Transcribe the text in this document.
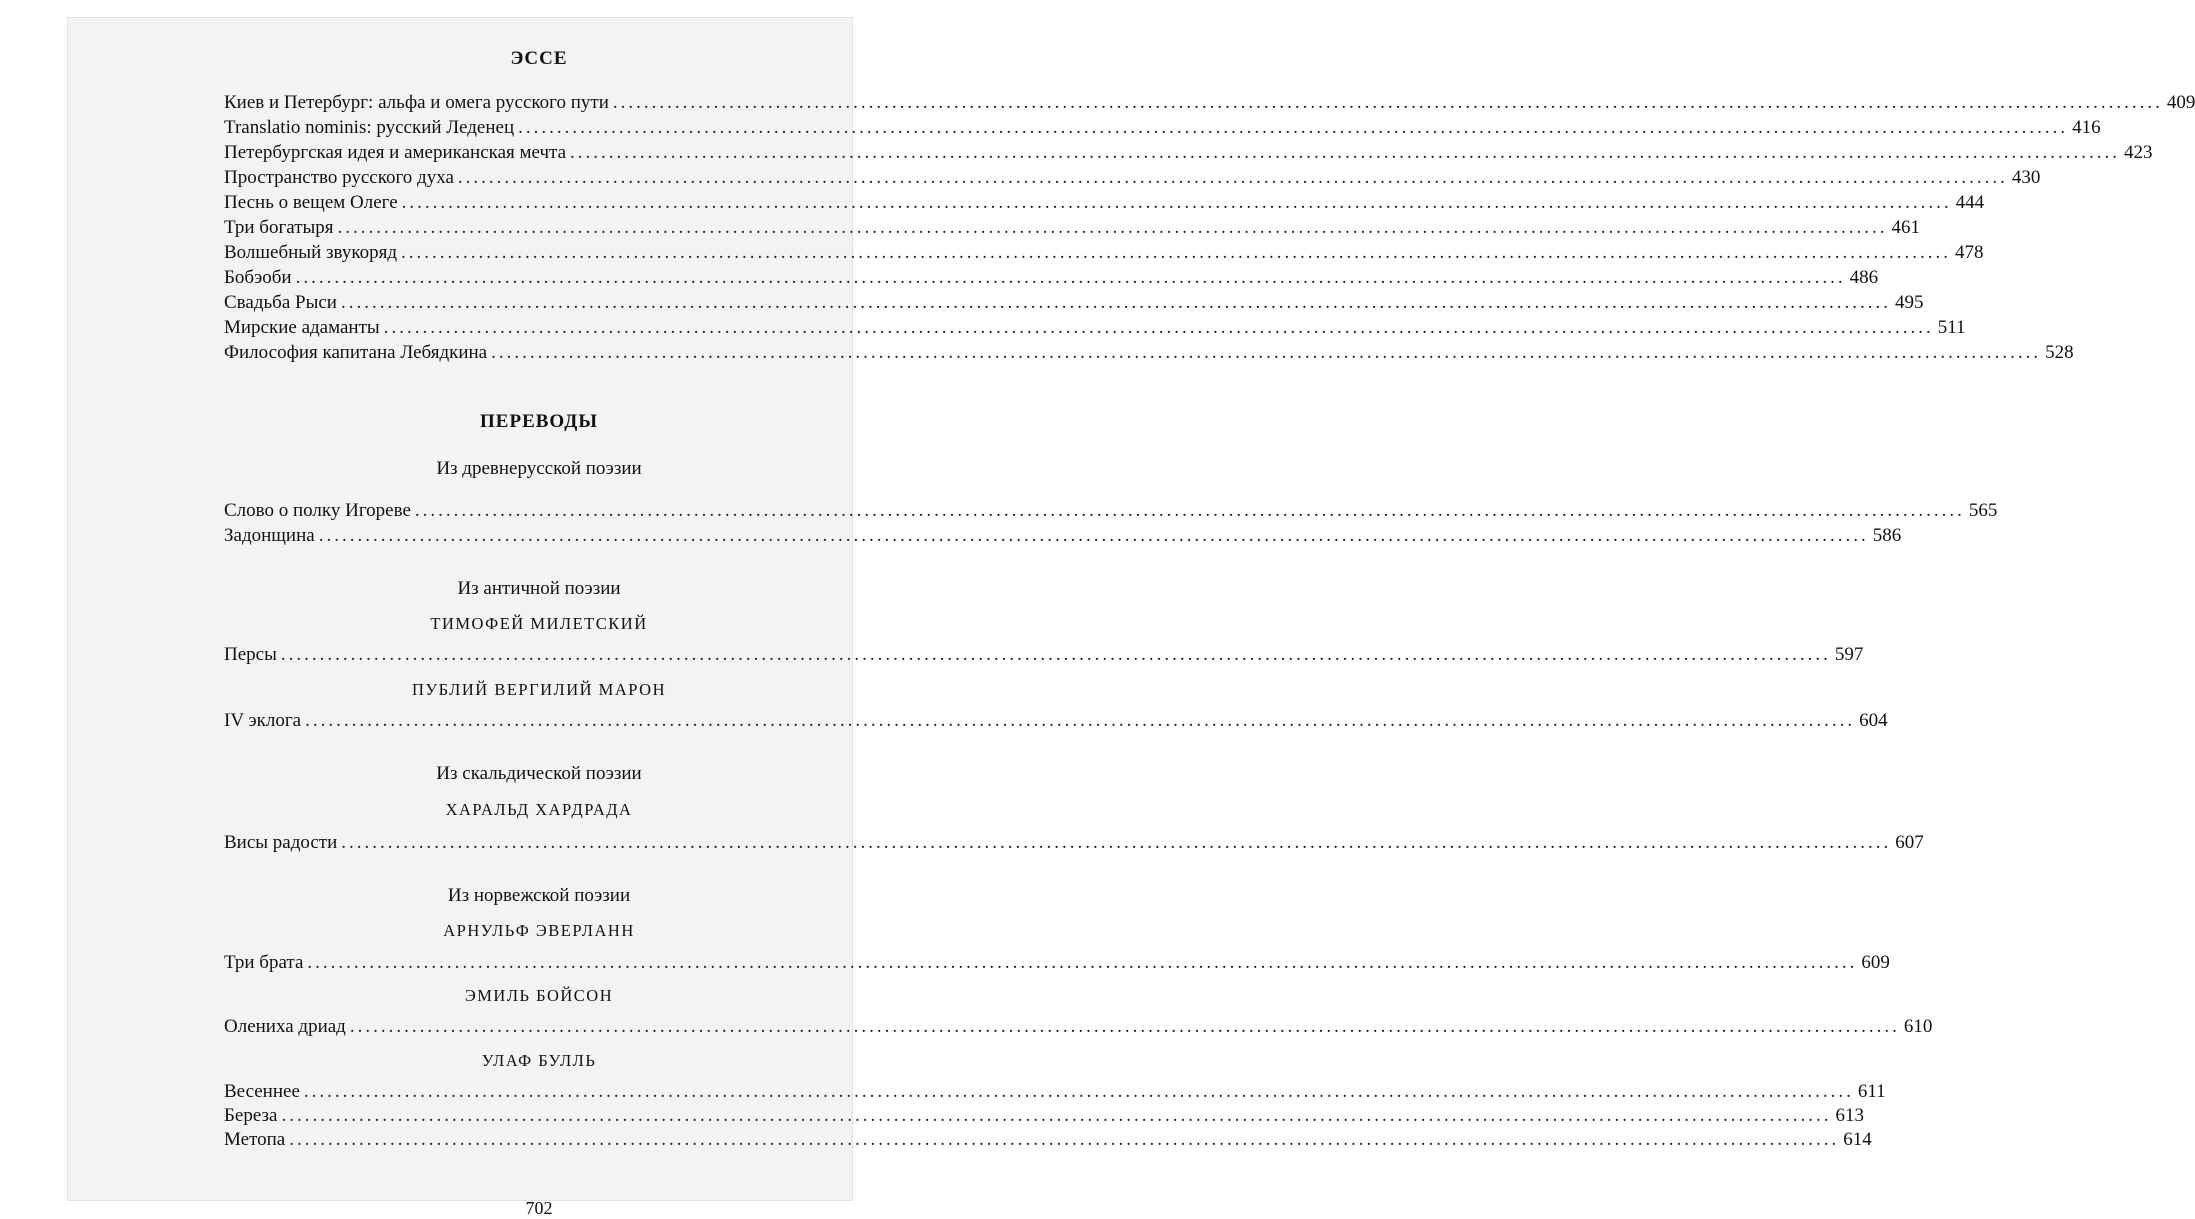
ЭССЕ
Киев и Петербург: альфа и омега русского пути ........................................................................................................................................................................................................ 409
Translatio nominis: русский Леденец ........................................................................................................................................................................................................ 416
Петербургская идея и американская мечта ........................................................................................................................................................................................................ 423
Пространство русского духа ........................................................................................................................................................................................................ 430
Песнь о вещем Олеге ........................................................................................................................................................................................................ 444
Три богатыря ........................................................................................................................................................................................................ 461
Волшебный звукоряд ........................................................................................................................................................................................................ 478
Бобэоби ........................................................................................................................................................................................................ 486
Свадьба Рыси ........................................................................................................................................................................................................ 495
Мирские адаманты ........................................................................................................................................................................................................ 511
Философия капитана Лебядкина ........................................................................................................................................................................................................ 528
ПЕРЕВОДЫ
Из древнерусской поэзии
Слово о полку Игореве ........................................................................................................................................................................................................ 565
Задонщина ........................................................................................................................................................................................................ 586
Из античной поэзии
ТИМОФЕЙ МИЛЕТСКИЙ
Персы ........................................................................................................................................................................................................ 597
ПУБЛИЙ ВЕРГИЛИЙ МАРОН
IV эклога ........................................................................................................................................................................................................ 604
Из скальдической поэзии
ХАРАЛЬД ХАРДРАДА
Висы радости ........................................................................................................................................................................................................ 607
Из норвежской поэзии
АРНУЛЬФ ЭВЕРЛАНН
Три брата ........................................................................................................................................................................................................ 609
ЭМИЛЬ БОЙСОН
Олениха дриад ........................................................................................................................................................................................................ 610
УЛАФ БУЛЛЬ
Весеннее ........................................................................................................................................................................................................ 611
Береза ........................................................................................................................................................................................................ 613
Метопа ........................................................................................................................................................................................................ 614
702
